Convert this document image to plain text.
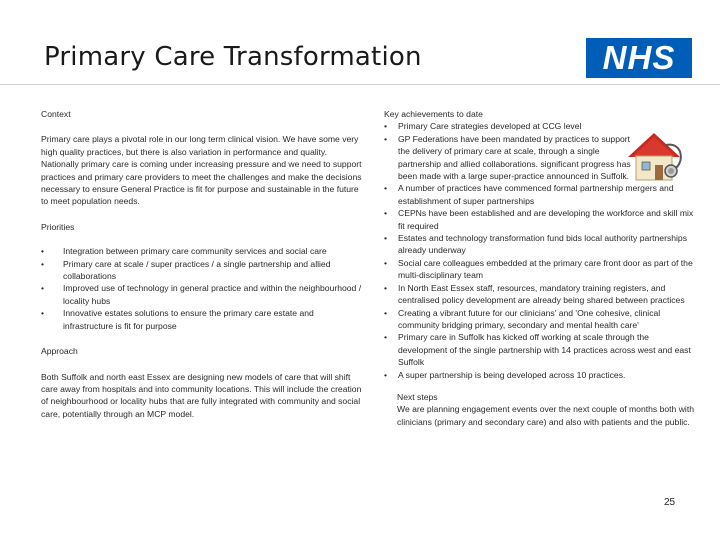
Primary Care Transformation	NHS

Context

Primary care plays a pivotal role in our long term clinical vision. We have some very high quality practices, but there is also variation in performance and quality. Nationally primary care is coming under increasing pressure and we need to support practices and primary care providers to meet the challenges and make the decisions necessary to ensure General Practice is fit for purpose and sustainable in the future to meet population needs.

Priorities

• Integration between primary care community services and social care
• Primary care at scale / super practices / a single partnership and allied collaborations
• Improved use of technology in general practice and within the neighbourhood / locality hubs
• Innovative estates solutions to ensure the primary care estate and infrastructure is fit for purpose

Approach

Both Suffolk and north east Essex are designing new models of care that will shift care away from hospitals and into community locations. This will include the creation of neighbourhood or locality hubs that are fully integrated with community and social care, potentially through an MCP model.

Key achievements to date

• Primary Care strategies developed at CCG level
• GP Federations have been mandated by practices to support the delivery of primary care at scale, through a single partnership and allied collaborations. significant progress has been made with a large super-practice announced in Suffolk.
• A number of practices have commenced formal partnership mergers and establishment of super partnerships
• CEPNs have been established and are developing the workforce and skill mix fit required
• Estates and technology transformation fund bids local authority partnerships already underway
• Social care colleagues embedded at the primary care front door as part of the multi-disciplinary team
• In North East Essex staff, resources, mandatory training registers, and centralised policy development are already being shared between practices
• Creating a vibrant future for our clinicians' and 'One cohesive, clinical community bridging primary, secondary and mental health care'
• Primary care in Suffolk has kicked off working at scale through the development of the single partnership with 14 practices across west and east Suffolk
• A super partnership is being developed across 10 practices.

Next steps

We are planning engagement events over the next couple of months both with clinicians (primary and secondary care) and also with patients and the public.

25
